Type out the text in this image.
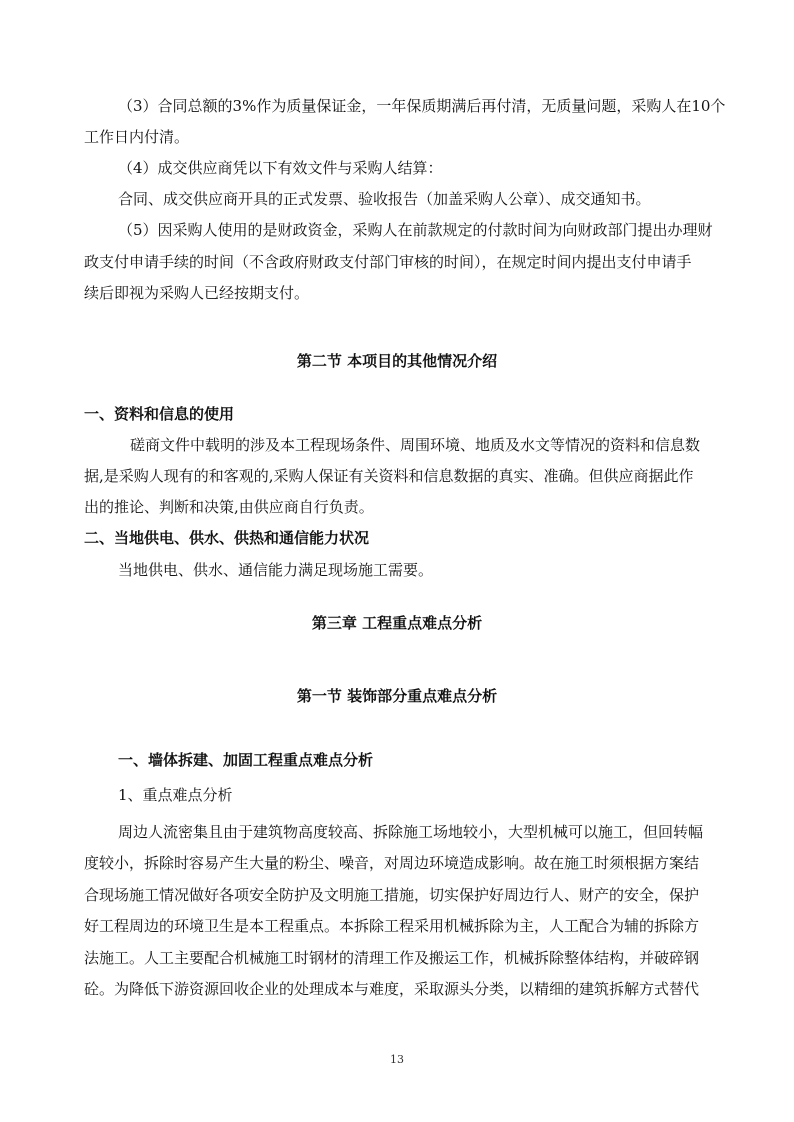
（3）合同总额的3%作为质量保证金，一年保质期满后再付清，无质量问题，采购人在10个
工作日内付清。
（4）成交供应商凭以下有效文件与采购人结算：
合同、成交供应商开具的正式发票、验收报告（加盖采购人公章）、成交通知书。
（5）因采购人使用的是财政资金，采购人在前款规定的付款时间为向财政部门提出办理财
政支付申请手续的时间（不含政府财政支付部门审核的时间），在规定时间内提出支付申请手
续后即视为采购人已经按期支付。
第二节 本项目的其他情况介绍
一、资料和信息的使用
磋商文件中载明的涉及本工程现场条件、周围环境、地质及水文等情况的资料和信息数
据,是采购人现有的和客观的,采购人保证有关资料和信息数据的真实、准确。但供应商据此作
出的推论、判断和决策,由供应商自行负责。
二、当地供电、供水、供热和通信能力状况
当地供电、供水、通信能力满足现场施工需要。
第三章 工程重点难点分析
第一节 装饰部分重点难点分析
一、墙体拆建、加固工程重点难点分析
1、重点难点分析
周边人流密集且由于建筑物高度较高、拆除施工场地较小，大型机械可以施工，但回转幅
度较小，拆除时容易产生大量的粉尘、噪音，对周边环境造成影响。故在施工时须根据方案结
合现场施工情况做好各项安全防护及文明施工措施，切实保护好周边行人、财产的安全，保护
好工程周边的环境卫生是本工程重点。本拆除工程采用机械拆除为主，人工配合为辅的拆除方
法施工。人工主要配合机械施工时钢材的清理工作及搬运工作，机械拆除整体结构，并破碎钢
砼。为降低下游资源回收企业的处理成本与难度，采取源头分类，以精细的建筑拆解方式替代
13
